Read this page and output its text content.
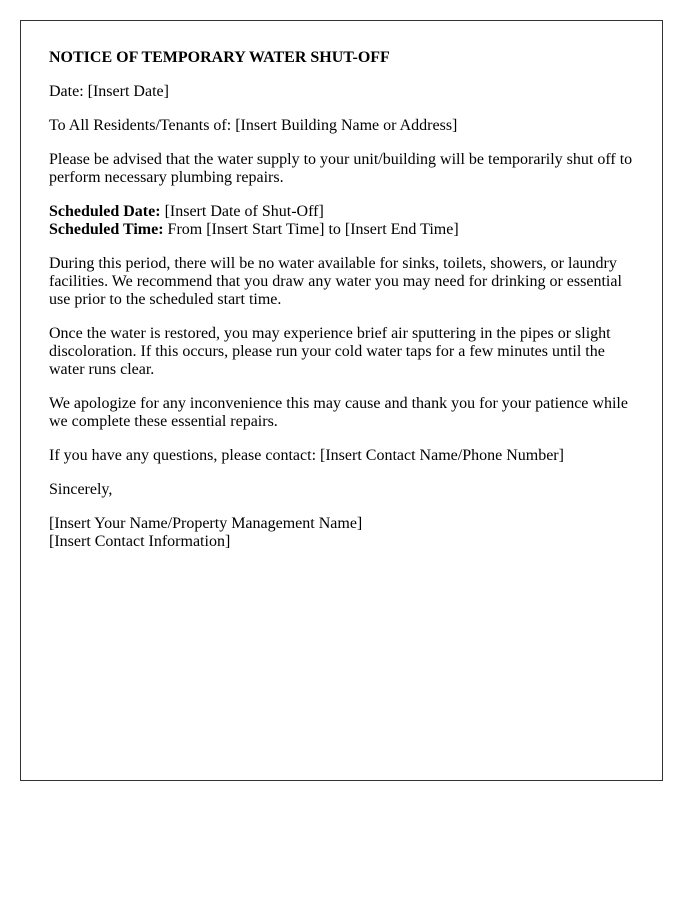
NOTICE OF TEMPORARY WATER SHUT-OFF

Date: [Insert Date]

To All Residents/Tenants of: [Insert Building Name or Address]

Please be advised that the water supply to your unit/building will be temporarily shut off to perform necessary plumbing repairs.

Scheduled Date: [Insert Date of Shut-Off]
Scheduled Time: From [Insert Start Time] to [Insert End Time]

During this period, there will be no water available for sinks, toilets, showers, or laundry facilities. We recommend that you draw any water you may need for drinking or essential use prior to the scheduled start time.

Once the water is restored, you may experience brief air sputtering in the pipes or slight discoloration. If this occurs, please run your cold water taps for a few minutes until the water runs clear.

We apologize for any inconvenience this may cause and thank you for your patience while we complete these essential repairs.

If you have any questions, please contact: [Insert Contact Name/Phone Number]

Sincerely,

[Insert Your Name/Property Management Name]
[Insert Contact Information]
